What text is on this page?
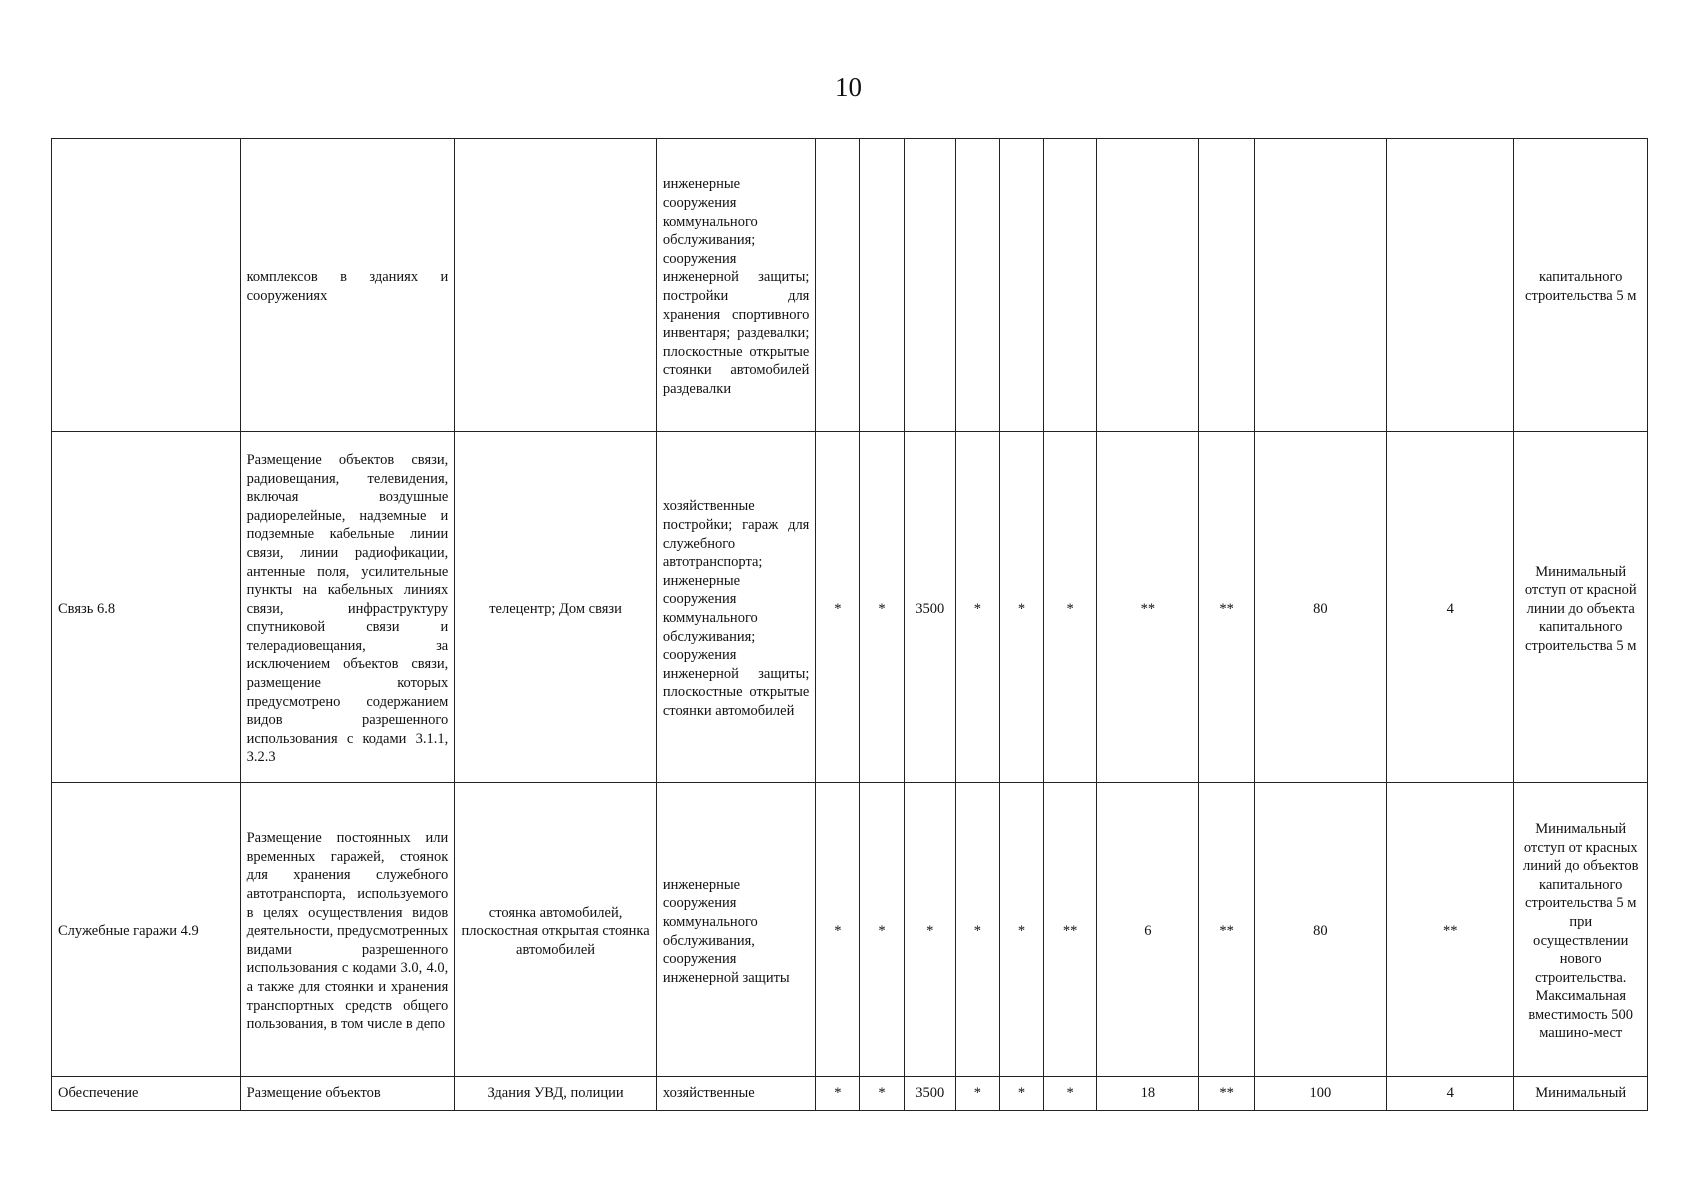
10
	комплексов в зданиях и сооружениях		инженерные сооружения коммунального обслуживания; сооружения инженерной защиты; постройки для хранения спортивного инвентаря; раздевалки; плоскостные открытые стоянки автомобилей раздевалки											капитального строительства 5 м
Связь 6.8	Размещение объектов связи, радиовещания, телевидения, включая воздушные радиорелейные, надземные и подземные кабельные линии связи, линии радиофикации, антенные поля, усилительные пункты на кабельных линиях связи, инфраструктуру спутниковой связи и телерадиовещания, за исключением объектов связи, размещение которых предусмотрено содержанием видов разрешенного использования с кодами 3.1.1, 3.2.3	телецентр; Дом связи	хозяйственные постройки; гараж для служебного автотранспорта; инженерные сооружения коммунального обслуживания; сооружения инженерной защиты; плоскостные открытые стоянки автомобилей	*	*	3500	*	*	*	**	**	80	4	Минимальный отступ от красной линии до объекта капитального строительства 5 м
Служебные гаражи 4.9	Размещение постоянных или временных гаражей, стоянок для хранения служебного автотранспорта, используемого в целях осуществления видов деятельности, предусмотренных видами разрешенного использования с кодами 3.0, 4.0, а также для стоянки и хранения транспортных средств общего пользования, в том числе в депо	стоянка автомобилей, плоскостная открытая стоянка автомобилей	инженерные сооружения коммунального обслуживания, сооружения инженерной защиты	*	*	*	*	*	**	6	**	80	**	Минимальный отступ от красных линий до объектов капитального строительства 5 м при осуществлении нового строительства. Максимальная вместимость 500 машино-мест
Обеспечение	Размещение объектов	Здания УВД, полиции	хозяйственные	*	*	3500	*	*	*	18	**	100	4	Минимальный
